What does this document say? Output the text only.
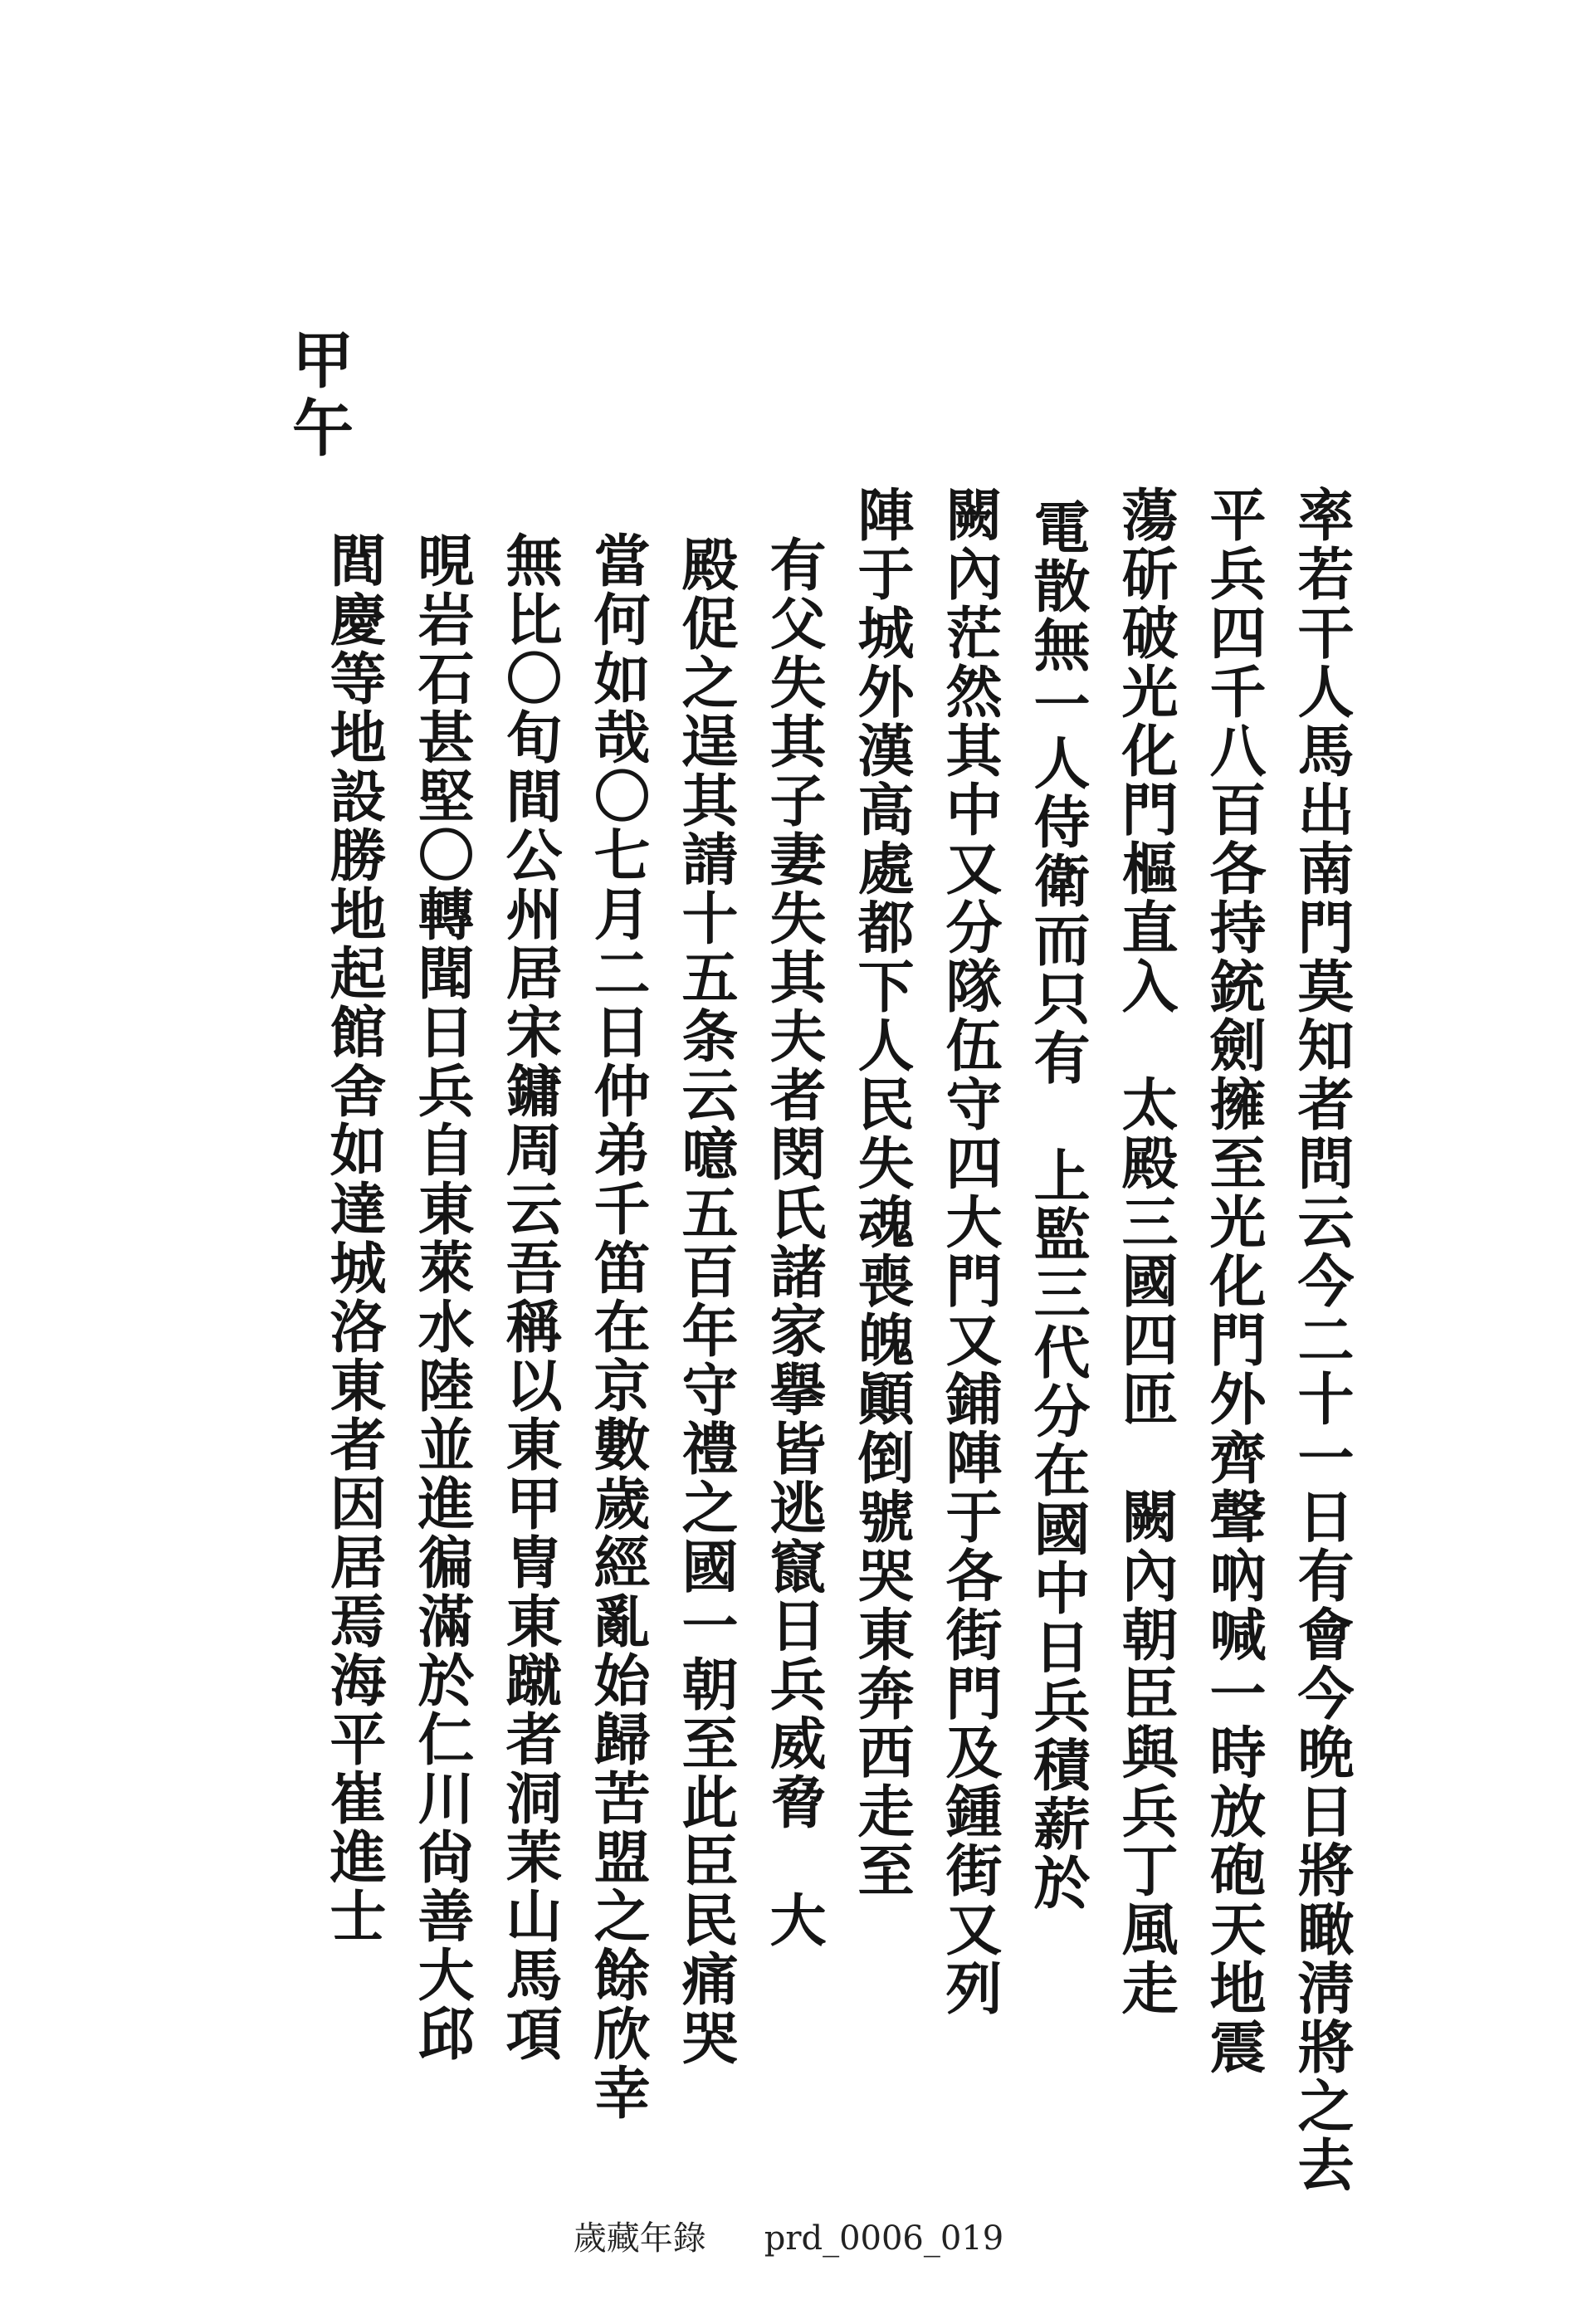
甲午
率若干人馬出南門莫知者問云今二十一日有會今晩日將瞰淸將之去
平兵四千八百各持銃劍擁至光化門外齊聲吶喊一時放砲天地震
蕩斫破光化門樞直入　太殿三國四匝　闕內朝臣與兵丁風走
電散無一人侍衛而只有　上監三代分在國中日兵積薪於
闕內茫然其中又分隊伍守四大門又鋪陣于各街門及鍾街又列
陣于城外漢高處都下人民失魂喪魄顚倒號哭東奔西走至
有父失其子妻失其夫者閔氏諸家擧皆逃竄日兵威脅　大
殿促之逞其請十五条云噫五百年守禮之國一朝至此臣民痛哭
當何如哉〇七月二日仲弟千笛在京數歲經亂始歸苦盟之餘欣幸
無比〇旬間公州居宋鏞周云吾稱以東甲冑東蹴者洞茉山馬項
晛岩石甚堅〇轉聞日兵自東萊水陸並進徧滿於仁川尙善大邱
閭慶等地設勝地起館舍如達城洛東者因居焉海平崔進士
歲藏年錄 prd_0006_019
